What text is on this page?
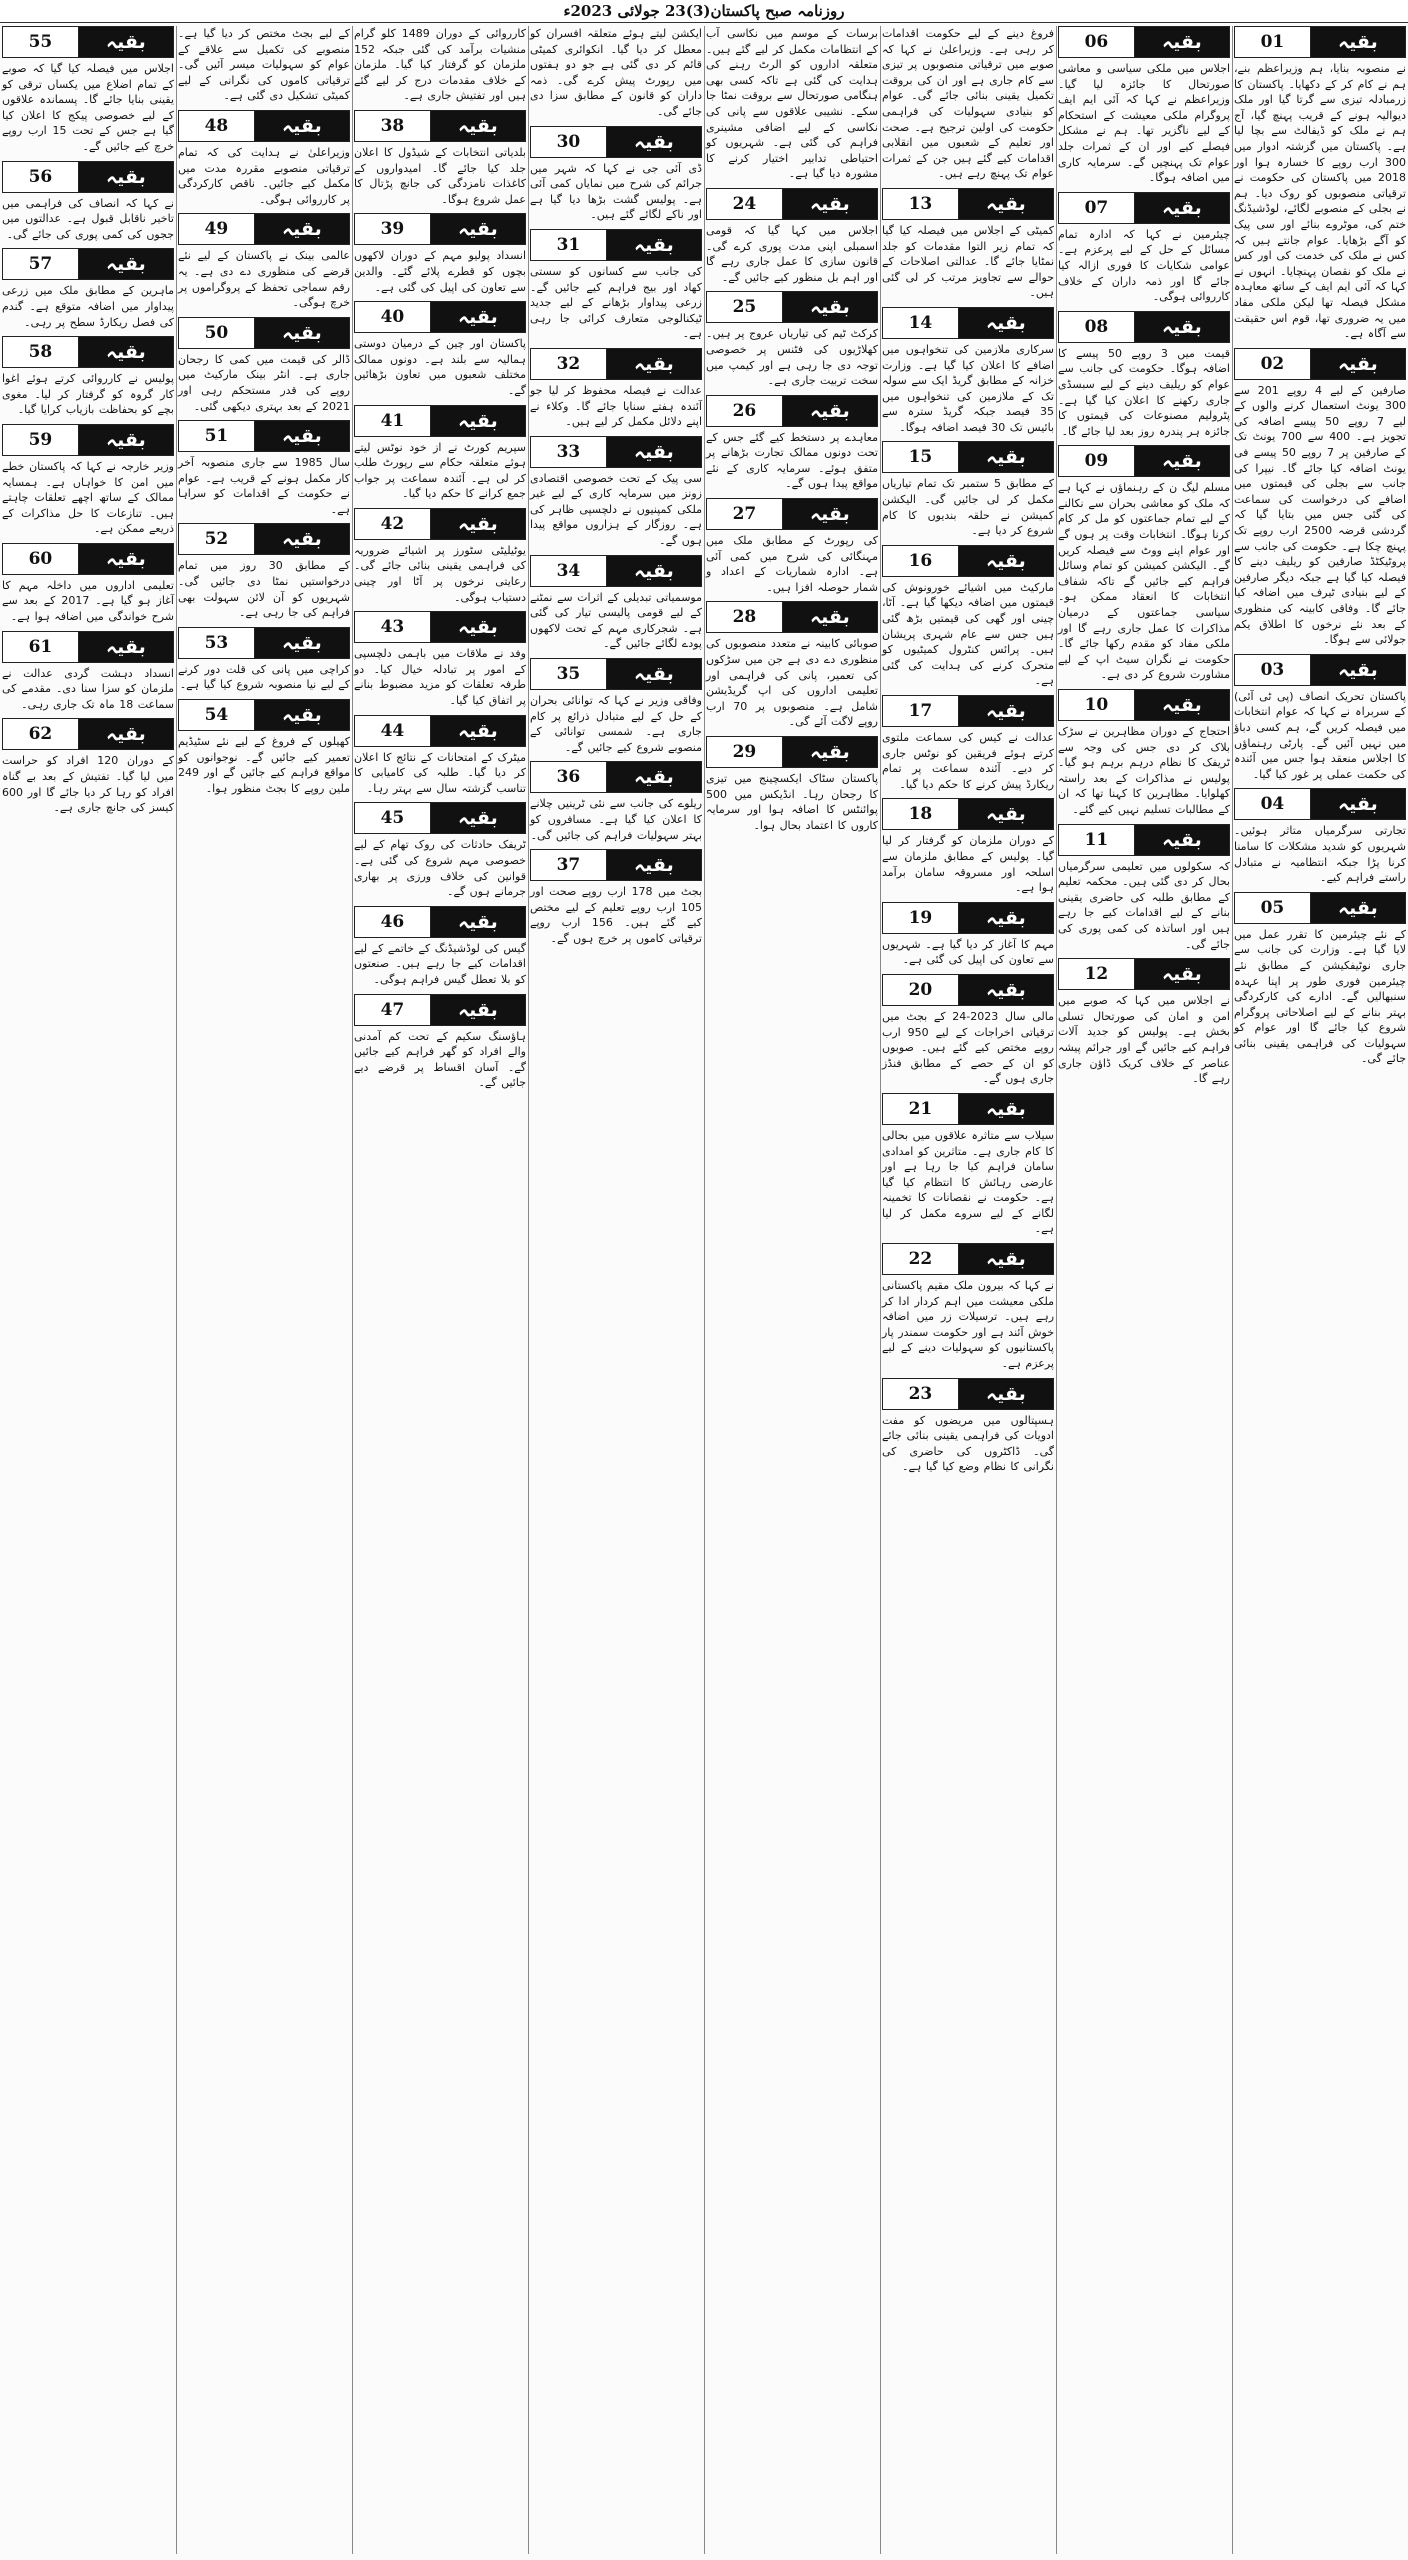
روزنامہ صبح پاکستان(3)23 جولائی 2023ء
01	بقیہ
نے منصوبہ بنایا، ہم وزیراعظم بنے، ہم نے کام کر کے دکھایا۔ پاکستان کا زرمبادلہ تیزی سے گرتا گیا اور ملک دیوالیہ ہونے کے قریب پہنچ گیا، آج ہم نے ملک کو ڈیفالٹ سے بچا لیا ہے۔ پاکستان میں گزشتہ ادوار میں 300 ارب روپے کا خسارہ ہوا اور 2018 میں پاکستان کی حکومت نے ترقیاتی منصوبوں کو روک دیا۔ ہم نے بجلی کے منصوبے لگائے، لوڈشیڈنگ ختم کی، موٹروے بنائے اور سی پیک کو آگے بڑھایا۔ عوام جانتے ہیں کہ کس نے ملک کی خدمت کی اور کس نے ملک کو نقصان پہنچایا۔ انہوں نے کہا کہ آئی ایم ایف کے ساتھ معاہدہ مشکل فیصلہ تھا لیکن ملکی مفاد میں یہ ضروری تھا، قوم اس حقیقت سے آگاہ ہے۔
02	بقیہ
صارفین کے لیے 4 روپے 201 سے 300 یونٹ استعمال کرنے والوں کے لیے 7 روپے 50 پیسے اضافہ کی تجویز ہے۔ 400 سے 700 یونٹ تک کے صارفین پر 7 روپے 50 پیسے فی یونٹ اضافہ کیا جائے گا۔ نیپرا کی جانب سے بجلی کی قیمتوں میں اضافے کی درخواست کی سماعت کی گئی جس میں بتایا گیا کہ گردشی قرضہ 2500 ارب روپے تک پہنچ چکا ہے۔ حکومت کی جانب سے پروٹیکٹڈ صارفین کو ریلیف دینے کا فیصلہ کیا گیا ہے جبکہ دیگر صارفین کے لیے بنیادی ٹیرف میں اضافہ کیا جائے گا۔ وفاقی کابینہ کی منظوری کے بعد نئے نرخوں کا اطلاق یکم جولائی سے ہوگا۔
03	بقیہ
پاکستان تحریک انصاف (پی ٹی آئی) کے سربراہ نے کہا کہ عوام انتخابات میں فیصلہ کریں گے، ہم کسی دباؤ میں نہیں آئیں گے۔ پارٹی رہنماؤں کا اجلاس منعقد ہوا جس میں آئندہ کی حکمت عملی پر غور کیا گیا۔
04	بقیہ
تجارتی سرگرمیاں متاثر ہوئیں۔ شہریوں کو شدید مشکلات کا سامنا کرنا پڑا جبکہ انتظامیہ نے متبادل راستے فراہم کیے۔
05	بقیہ
کے نئے چیئرمین کا تقرر عمل میں لایا گیا ہے۔ وزارت کی جانب سے جاری نوٹیفکیشن کے مطابق نئے چیئرمین فوری طور پر اپنا عہدہ سنبھالیں گے۔ ادارے کی کارکردگی بہتر بنانے کے لیے اصلاحاتی پروگرام شروع کیا جائے گا اور عوام کو سہولیات کی فراہمی یقینی بنائی جائے گی۔
06	بقیہ
اجلاس میں ملکی سیاسی و معاشی صورتحال کا جائزہ لیا گیا۔ وزیراعظم نے کہا کہ آئی ایم ایف پروگرام ملکی معیشت کے استحکام کے لیے ناگزیر تھا۔ ہم نے مشکل فیصلے کیے اور ان کے ثمرات جلد عوام تک پہنچیں گے۔ سرمایہ کاری میں اضافہ ہوگا۔
07	بقیہ
چیئرمین نے کہا کہ ادارہ تمام مسائل کے حل کے لیے پرعزم ہے۔ عوامی شکایات کا فوری ازالہ کیا جائے گا اور ذمہ داران کے خلاف کارروائی ہوگی۔
08	بقیہ
قیمت میں 3 روپے 50 پیسے کا اضافہ ہوگا۔ حکومت کی جانب سے عوام کو ریلیف دینے کے لیے سبسڈی جاری رکھنے کا اعلان کیا گیا ہے۔ پٹرولیم مصنوعات کی قیمتوں کا جائزہ ہر پندرہ روز بعد لیا جائے گا۔
09	بقیہ
مسلم لیگ ن کے رہنماؤں نے کہا ہے کہ ملک کو معاشی بحران سے نکالنے کے لیے تمام جماعتوں کو مل کر کام کرنا ہوگا۔ انتخابات وقت پر ہوں گے اور عوام اپنے ووٹ سے فیصلہ کریں گے۔ الیکشن کمیشن کو تمام وسائل فراہم کیے جائیں گے تاکہ شفاف انتخابات کا انعقاد ممکن ہو۔ سیاسی جماعتوں کے درمیان مذاکرات کا عمل جاری رہے گا اور ملکی مفاد کو مقدم رکھا جائے گا۔ حکومت نے نگران سیٹ اپ کے لیے مشاورت شروع کر دی ہے۔
10	بقیہ
احتجاج کے دوران مظاہرین نے سڑک بلاک کر دی جس کی وجہ سے ٹریفک کا نظام درہم برہم ہو گیا۔ پولیس نے مذاکرات کے بعد راستہ کھلوایا۔ مظاہرین کا کہنا تھا کہ ان کے مطالبات تسلیم نہیں کیے گئے۔
11	بقیہ
کہ سکولوں میں تعلیمی سرگرمیاں بحال کر دی گئی ہیں۔ محکمہ تعلیم کے مطابق طلبہ کی حاضری یقینی بنانے کے لیے اقدامات کیے جا رہے ہیں اور اساتذہ کی کمی پوری کی جائے گی۔
12	بقیہ
نے اجلاس میں کہا کہ صوبے میں امن و امان کی صورتحال تسلی بخش ہے۔ پولیس کو جدید آلات فراہم کیے جائیں گے اور جرائم پیشہ عناصر کے خلاف کریک ڈاؤن جاری رہے گا۔
فروغ دینے کے لیے حکومت اقدامات کر رہی ہے۔ وزیراعلیٰ نے کہا کہ صوبے میں ترقیاتی منصوبوں پر تیزی سے کام جاری ہے اور ان کی بروقت تکمیل یقینی بنائی جائے گی۔ عوام کو بنیادی سہولیات کی فراہمی حکومت کی اولین ترجیح ہے۔ صحت اور تعلیم کے شعبوں میں انقلابی اقدامات کیے گئے ہیں جن کے ثمرات عوام تک پہنچ رہے ہیں۔
13	بقیہ
کمیٹی کے اجلاس میں فیصلہ کیا گیا کہ تمام زیر التوا مقدمات کو جلد نمٹایا جائے گا۔ عدالتی اصلاحات کے حوالے سے تجاویز مرتب کر لی گئی ہیں۔
14	بقیہ
سرکاری ملازمین کی تنخواہوں میں اضافے کا اعلان کیا گیا ہے۔ وزارت خزانہ کے مطابق گریڈ ایک سے سولہ تک کے ملازمین کی تنخواہوں میں 35 فیصد جبکہ گریڈ سترہ سے بائیس تک 30 فیصد اضافہ ہوگا۔
15	بقیہ
کے مطابق 5 ستمبر تک تمام تیاریاں مکمل کر لی جائیں گی۔ الیکشن کمیشن نے حلقہ بندیوں کا کام شروع کر دیا ہے۔
16	بقیہ
مارکیٹ میں اشیائے خورونوش کی قیمتوں میں اضافہ دیکھا گیا ہے۔ آٹا، چینی اور گھی کی قیمتیں بڑھ گئی ہیں جس سے عام شہری پریشان ہیں۔ پرائس کنٹرول کمیٹیوں کو متحرک کرنے کی ہدایت کی گئی ہے۔
17	بقیہ
عدالت نے کیس کی سماعت ملتوی کرتے ہوئے فریقین کو نوٹس جاری کر دیے۔ آئندہ سماعت پر تمام ریکارڈ پیش کرنے کا حکم دیا گیا۔
18	بقیہ
کے دوران ملزمان کو گرفتار کر لیا گیا۔ پولیس کے مطابق ملزمان سے اسلحہ اور مسروقہ سامان برآمد ہوا ہے۔
19	بقیہ
مہم کا آغاز کر دیا گیا ہے۔ شہریوں سے تعاون کی اپیل کی گئی ہے۔
20	بقیہ
مالی سال 2023-24 کے بجٹ میں ترقیاتی اخراجات کے لیے 950 ارب روپے مختص کیے گئے ہیں۔ صوبوں کو ان کے حصے کے مطابق فنڈز جاری ہوں گے۔
21	بقیہ
سیلاب سے متاثرہ علاقوں میں بحالی کا کام جاری ہے۔ متاثرین کو امدادی سامان فراہم کیا جا رہا ہے اور عارضی رہائش کا انتظام کیا گیا ہے۔ حکومت نے نقصانات کا تخمینہ لگانے کے لیے سروے مکمل کر لیا ہے۔
22	بقیہ
نے کہا کہ بیرون ملک مقیم پاکستانی ملکی معیشت میں اہم کردار ادا کر رہے ہیں۔ ترسیلات زر میں اضافہ خوش آئند ہے اور حکومت سمندر پار پاکستانیوں کو سہولیات دینے کے لیے پرعزم ہے۔
23	بقیہ
ہسپتالوں میں مریضوں کو مفت ادویات کی فراہمی یقینی بنائی جائے گی۔ ڈاکٹروں کی حاضری کی نگرانی کا نظام وضع کیا گیا ہے۔
برسات کے موسم میں نکاسی آب کے انتظامات مکمل کر لیے گئے ہیں۔ متعلقہ اداروں کو الرٹ رہنے کی ہدایت کی گئی ہے تاکہ کسی بھی ہنگامی صورتحال سے بروقت نمٹا جا سکے۔ نشیبی علاقوں سے پانی کی نکاسی کے لیے اضافی مشینری فراہم کی گئی ہے۔ شہریوں کو احتیاطی تدابیر اختیار کرنے کا مشورہ دیا گیا ہے۔
24	بقیہ
اجلاس میں کہا گیا کہ قومی اسمبلی اپنی مدت پوری کرے گی۔ قانون سازی کا عمل جاری رہے گا اور اہم بل منظور کیے جائیں گے۔
25	بقیہ
کرکٹ ٹیم کی تیاریاں عروج پر ہیں۔ کھلاڑیوں کی فٹنس پر خصوصی توجہ دی جا رہی ہے اور کیمپ میں سخت تربیت جاری ہے۔
26	بقیہ
معاہدے پر دستخط کیے گئے جس کے تحت دونوں ممالک تجارت بڑھانے پر متفق ہوئے۔ سرمایہ کاری کے نئے مواقع پیدا ہوں گے۔
27	بقیہ
کی رپورٹ کے مطابق ملک میں مہنگائی کی شرح میں کمی آئی ہے۔ ادارہ شماریات کے اعداد و شمار حوصلہ افزا ہیں۔
28	بقیہ
صوبائی کابینہ نے متعدد منصوبوں کی منظوری دے دی ہے جن میں سڑکوں کی تعمیر، پانی کی فراہمی اور تعلیمی اداروں کی اپ گریڈیشن شامل ہے۔ منصوبوں پر 70 ارب روپے لاگت آئے گی۔
29	بقیہ
پاکستان سٹاک ایکسچینج میں تیزی کا رجحان رہا۔ انڈیکس میں 500 پوائنٹس کا اضافہ ہوا اور سرمایہ کاروں کا اعتماد بحال ہوا۔
ایکشن لیتے ہوئے متعلقہ افسران کو معطل کر دیا گیا۔ انکوائری کمیٹی قائم کر دی گئی ہے جو دو ہفتوں میں رپورٹ پیش کرے گی۔ ذمہ داران کو قانون کے مطابق سزا دی جائے گی۔
30	بقیہ
ڈی آئی جی نے کہا کہ شہر میں جرائم کی شرح میں نمایاں کمی آئی ہے۔ پولیس گشت بڑھا دیا گیا ہے اور ناکے لگائے گئے ہیں۔
31	بقیہ
کی جانب سے کسانوں کو سستی کھاد اور بیج فراہم کیے جائیں گے۔ زرعی پیداوار بڑھانے کے لیے جدید ٹیکنالوجی متعارف کرائی جا رہی ہے۔
32	بقیہ
عدالت نے فیصلہ محفوظ کر لیا جو آئندہ ہفتے سنایا جائے گا۔ وکلاء نے اپنے دلائل مکمل کر لیے ہیں۔
33	بقیہ
سی پیک کے تحت خصوصی اقتصادی زونز میں سرمایہ کاری کے لیے غیر ملکی کمپنیوں نے دلچسپی ظاہر کی ہے۔ روزگار کے ہزاروں مواقع پیدا ہوں گے۔
34	بقیہ
موسمیاتی تبدیلی کے اثرات سے نمٹنے کے لیے قومی پالیسی تیار کی گئی ہے۔ شجرکاری مہم کے تحت لاکھوں پودے لگائے جائیں گے۔
35	بقیہ
وفاقی وزیر نے کہا کہ توانائی بحران کے حل کے لیے متبادل ذرائع پر کام جاری ہے۔ شمسی توانائی کے منصوبے شروع کیے جائیں گے۔
36	بقیہ
ریلوے کی جانب سے نئی ٹرینیں چلانے کا اعلان کیا گیا ہے۔ مسافروں کو بہتر سہولیات فراہم کی جائیں گی۔
37	بقیہ
بجٹ میں 178 ارب روپے صحت اور 105 ارب روپے تعلیم کے لیے مختص کیے گئے ہیں۔ 156 ارب روپے ترقیاتی کاموں پر خرچ ہوں گے۔
کارروائی کے دوران 1489 کلو گرام منشیات برآمد کی گئی جبکہ 152 ملزمان کو گرفتار کیا گیا۔ ملزمان کے خلاف مقدمات درج کر لیے گئے ہیں اور تفتیش جاری ہے۔
38	بقیہ
بلدیاتی انتخابات کے شیڈول کا اعلان جلد کیا جائے گا۔ امیدواروں کے کاغذات نامزدگی کی جانچ پڑتال کا عمل شروع ہوگا۔
39	بقیہ
انسداد پولیو مہم کے دوران لاکھوں بچوں کو قطرے پلائے گئے۔ والدین سے تعاون کی اپیل کی گئی ہے۔
40	بقیہ
پاکستان اور چین کے درمیان دوستی ہمالیہ سے بلند ہے۔ دونوں ممالک مختلف شعبوں میں تعاون بڑھائیں گے۔
41	بقیہ
سپریم کورٹ نے از خود نوٹس لیتے ہوئے متعلقہ حکام سے رپورٹ طلب کر لی ہے۔ آئندہ سماعت پر جواب جمع کرانے کا حکم دیا گیا۔
42	بقیہ
یوٹیلیٹی سٹورز پر اشیائے ضروریہ کی فراہمی یقینی بنائی جائے گی۔ رعایتی نرخوں پر آٹا اور چینی دستیاب ہوگی۔
43	بقیہ
وفد نے ملاقات میں باہمی دلچسپی کے امور پر تبادلہ خیال کیا۔ دو طرفہ تعلقات کو مزید مضبوط بنانے پر اتفاق کیا گیا۔
44	بقیہ
میٹرک کے امتحانات کے نتائج کا اعلان کر دیا گیا۔ طلبہ کی کامیابی کا تناسب گزشتہ سال سے بہتر رہا۔
45	بقیہ
ٹریفک حادثات کی روک تھام کے لیے خصوصی مہم شروع کی گئی ہے۔ قوانین کی خلاف ورزی پر بھاری جرمانے ہوں گے۔
46	بقیہ
گیس کی لوڈشیڈنگ کے خاتمے کے لیے اقدامات کیے جا رہے ہیں۔ صنعتوں کو بلا تعطل گیس فراہم ہوگی۔
47	بقیہ
ہاؤسنگ سکیم کے تحت کم آمدنی والے افراد کو گھر فراہم کیے جائیں گے۔ آسان اقساط پر قرضے دیے جائیں گے۔
کے لیے بجٹ مختص کر دیا گیا ہے۔ منصوبے کی تکمیل سے علاقے کے عوام کو سہولیات میسر آئیں گی۔ ترقیاتی کاموں کی نگرانی کے لیے کمیٹی تشکیل دی گئی ہے۔
48	بقیہ
وزیراعلیٰ نے ہدایت کی کہ تمام ترقیاتی منصوبے مقررہ مدت میں مکمل کیے جائیں۔ ناقص کارکردگی پر کارروائی ہوگی۔
49	بقیہ
عالمی بینک نے پاکستان کے لیے نئے قرضے کی منظوری دے دی ہے۔ یہ رقم سماجی تحفظ کے پروگراموں پر خرچ ہوگی۔
50	بقیہ
ڈالر کی قیمت میں کمی کا رجحان جاری ہے۔ انٹر بینک مارکیٹ میں روپے کی قدر مستحکم رہی اور 2021 کے بعد بہتری دیکھی گئی۔
51	بقیہ
سال 1985 سے جاری منصوبہ آخر کار مکمل ہونے کے قریب ہے۔ عوام نے حکومت کے اقدامات کو سراہا ہے۔
52	بقیہ
کے مطابق 30 روز میں تمام درخواستیں نمٹا دی جائیں گی۔ شہریوں کو آن لائن سہولت بھی فراہم کی جا رہی ہے۔
53	بقیہ
کراچی میں پانی کی قلت دور کرنے کے لیے نیا منصوبہ شروع کیا گیا ہے۔
54	بقیہ
کھیلوں کے فروغ کے لیے نئے سٹیڈیم تعمیر کیے جائیں گے۔ نوجوانوں کو مواقع فراہم کیے جائیں گے اور 249 ملین روپے کا بجٹ منظور ہوا۔
55	بقیہ
اجلاس میں فیصلہ کیا گیا کہ صوبے کے تمام اضلاع میں یکساں ترقی کو یقینی بنایا جائے گا۔ پسماندہ علاقوں کے لیے خصوصی پیکج کا اعلان کیا گیا ہے جس کے تحت 15 ارب روپے خرچ کیے جائیں گے۔
56	بقیہ
نے کہا کہ انصاف کی فراہمی میں تاخیر ناقابل قبول ہے۔ عدالتوں میں ججوں کی کمی پوری کی جائے گی۔
57	بقیہ
ماہرین کے مطابق ملک میں زرعی پیداوار میں اضافہ متوقع ہے۔ گندم کی فصل ریکارڈ سطح پر رہی۔
58	بقیہ
پولیس نے کارروائی کرتے ہوئے اغوا کار گروہ کو گرفتار کر لیا۔ مغوی بچے کو بحفاظت بازیاب کرایا گیا۔
59	بقیہ
وزیر خارجہ نے کہا کہ پاکستان خطے میں امن کا خواہاں ہے۔ ہمسایہ ممالک کے ساتھ اچھے تعلقات چاہتے ہیں۔ تنازعات کا حل مذاکرات کے ذریعے ممکن ہے۔
60	بقیہ
تعلیمی اداروں میں داخلہ مہم کا آغاز ہو گیا ہے۔ 2017 کے بعد سے شرح خواندگی میں اضافہ ہوا ہے۔
61	بقیہ
انسداد دہشت گردی عدالت نے ملزمان کو سزا سنا دی۔ مقدمے کی سماعت 18 ماہ تک جاری رہی۔
62	بقیہ
کے دوران 120 افراد کو حراست میں لیا گیا۔ تفتیش کے بعد بے گناہ افراد کو رہا کر دیا جائے گا اور 600 کیسز کی جانچ جاری ہے۔
